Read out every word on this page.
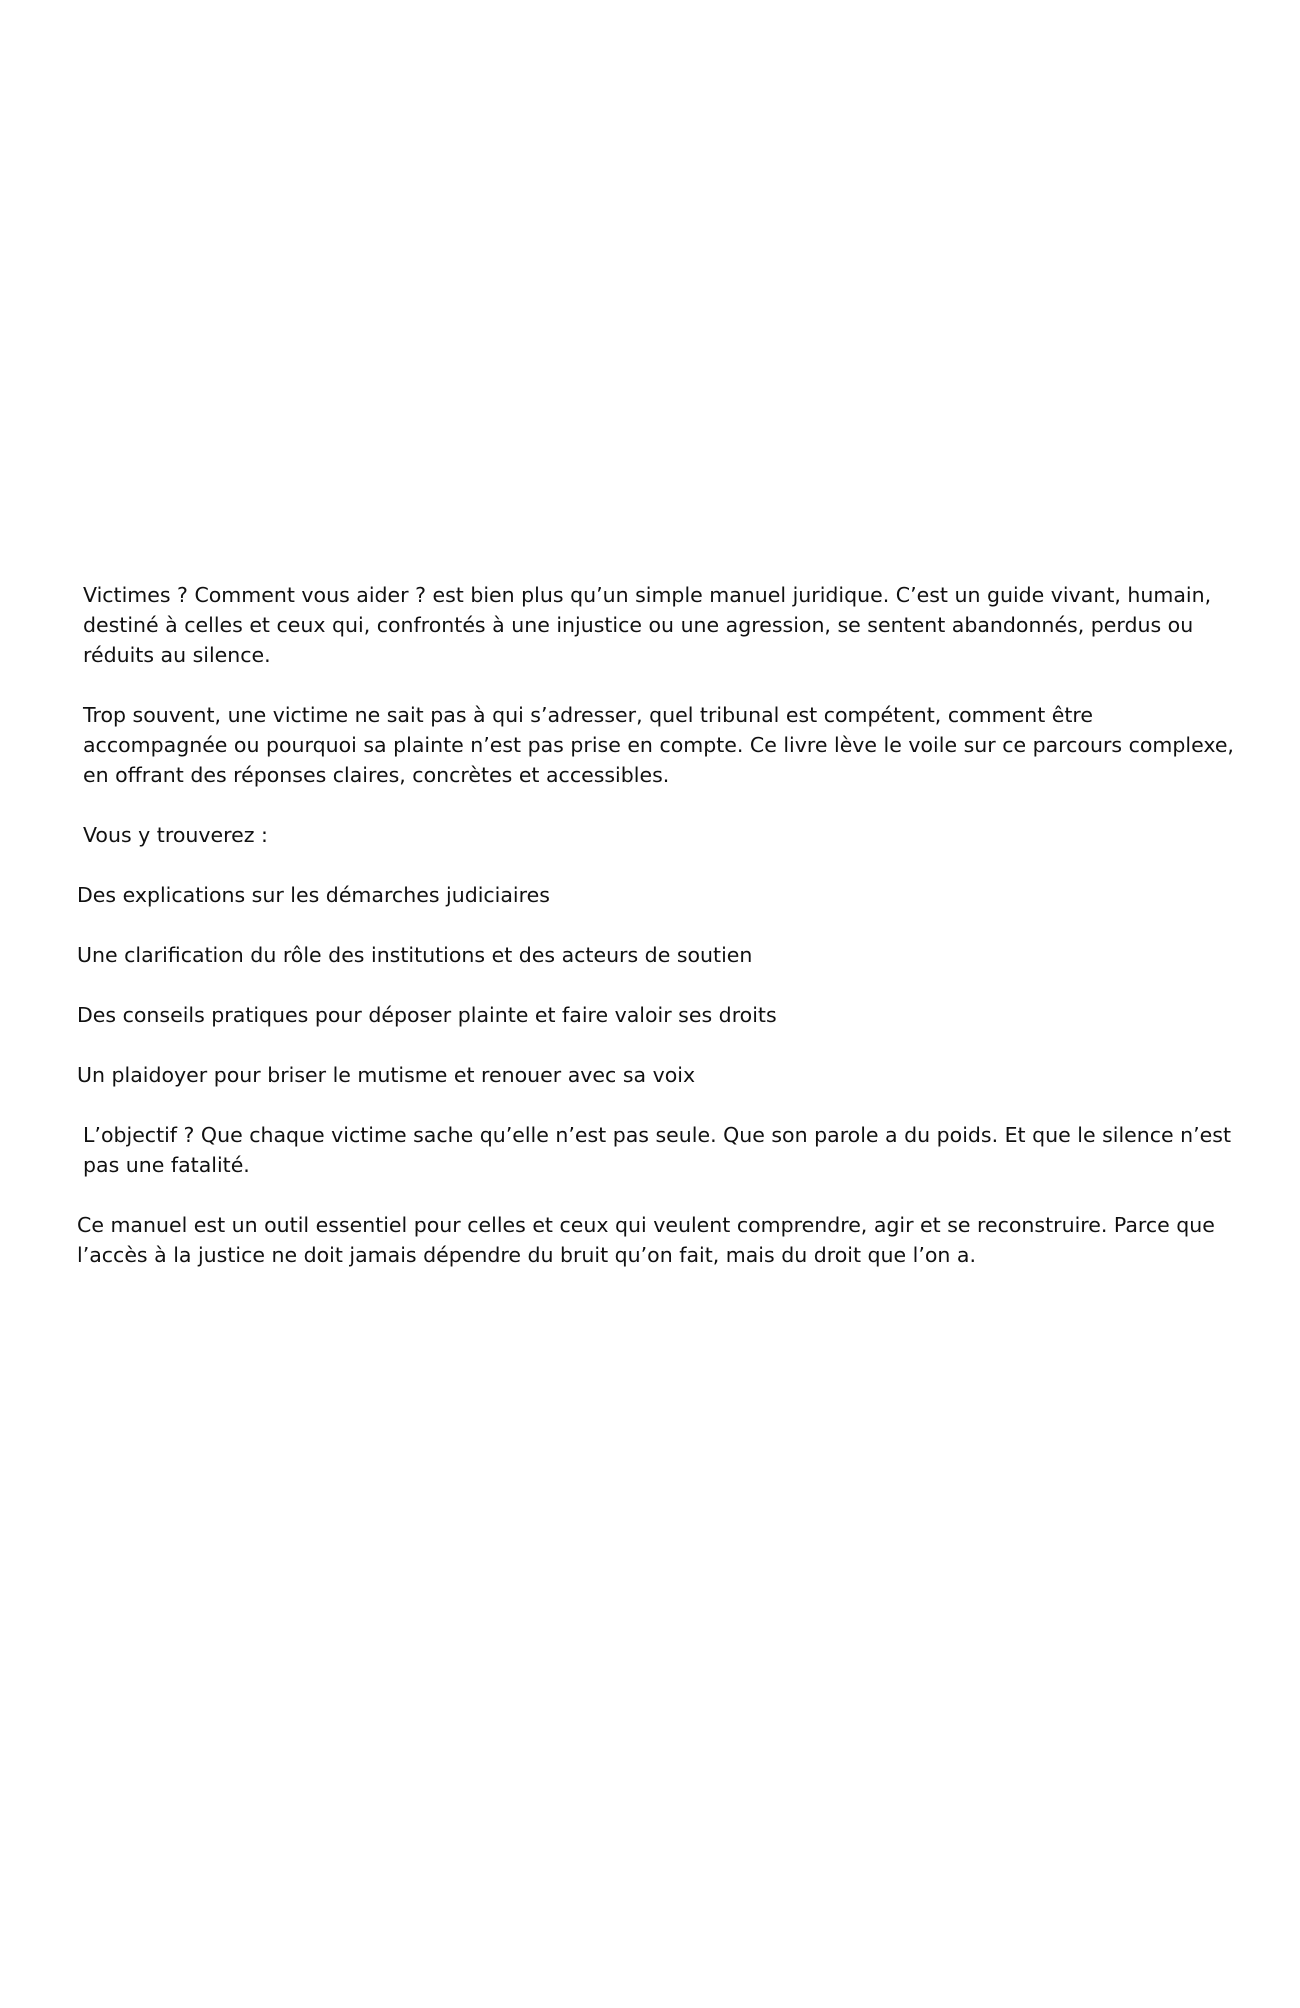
Victimes ? Comment vous aider ? est bien plus qu’un simple manuel juridique. C’est un guide vivant, humain, destiné à celles et ceux qui, confrontés à une injustice ou une agression, se sentent abandonnés, perdus ou réduits au silence.

Trop souvent, une victime ne sait pas à qui s’adresser, quel tribunal est compétent, comment être accompagnée ou pourquoi sa plainte n’est pas prise en compte. Ce livre lève le voile sur ce parcours complexe, en offrant des réponses claires, concrètes et accessibles.

Vous y trouverez :

Des explications sur les démarches judiciaires

Une clarification du rôle des institutions et des acteurs de soutien

Des conseils pratiques pour déposer plainte et faire valoir ses droits

Un plaidoyer pour briser le mutisme et renouer avec sa voix

L’objectif ? Que chaque victime sache qu’elle n’est pas seule. Que son parole a du poids. Et que le silence n’est pas une fatalité.

Ce manuel est un outil essentiel pour celles et ceux qui veulent comprendre, agir et se reconstruire. Parce que l’accès à la justice ne doit jamais dépendre du bruit qu’on fait, mais du droit que l’on a.
